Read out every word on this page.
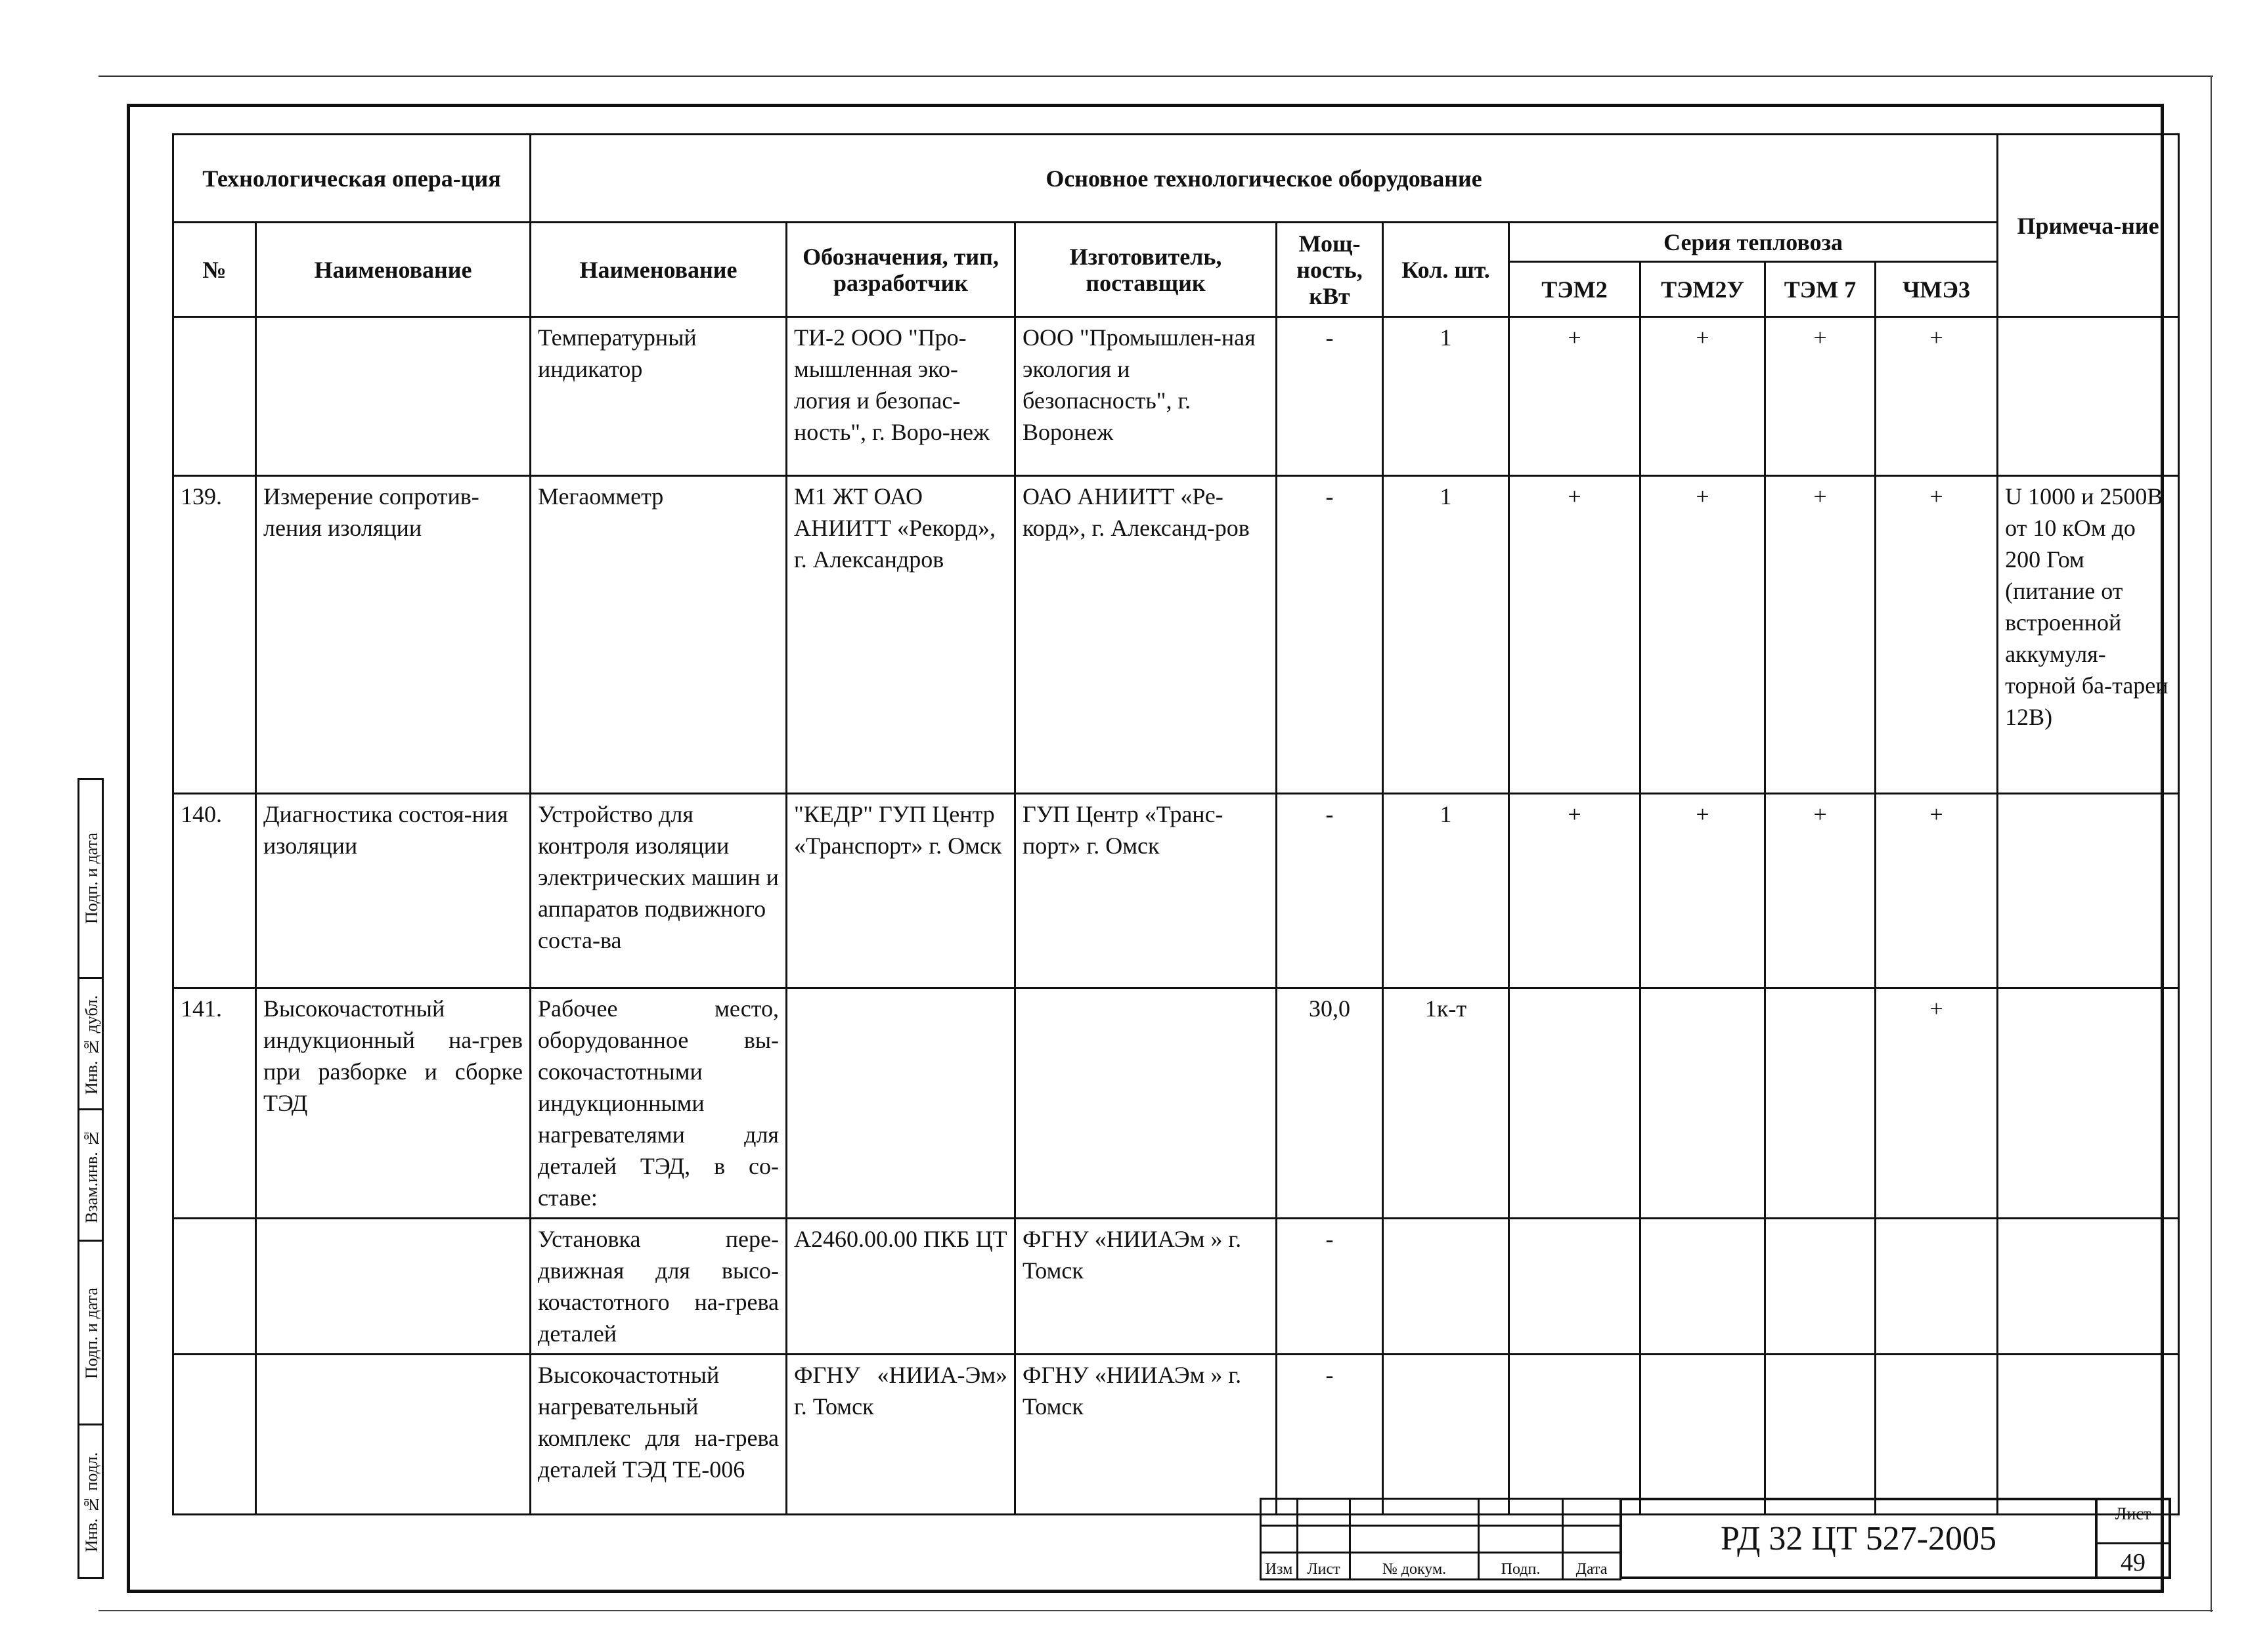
Технологическая опера-ция		Основное технологическое оборудование									Примеча-ние
№	Наименование	Наименование	Обозначения, тип, разработчик	Изготовитель, поставщик	Мощ-ность, кВт	Кол. шт.	Серия тепловоза				
							ТЭМ2	ТЭМ2У	ТЭМ 7	ЧМЭ3	
		Температурный индикатор	ТИ-2 ООО "Про-мышленная эко-логия и безопас-ность", г. Воро-неж	ООО "Промышлен-ная экология и безопасность", г. Воронеж	-	1	+	+	+	+	
139.	Измерение сопротив-ления изоляции	Мегаомметр	М1 ЖТ ОАО АНИИТТ «Рекорд», г. Александров	ОАО АНИИТТ «Ре-корд», г. Александ-ров	-	1	+	+	+	+	U 1000 и 2500В от 10 кОм до 200 Гом (питание от встроенной аккумуля-торной ба-тареи 12В)
140.	Диагностика состоя-ния изоляции	Устройство для контроля изоляции электрических машин и аппаратов подвижного соста-ва	"КЕДР" ГУП Центр «Транспорт» г. Омск	ГУП Центр «Транс-порт» г. Омск	-	1	+	+	+	+	
141.	Высокочастотный индукционный на-грев при разборке и сборке ТЭД	Рабочее место, оборудованное вы-сокочастотными индукционными нагревателями для деталей ТЭД, в со-ставе:			30,0	1к-т				+	
		Установка пере-движная для высо-кочастотного на-грева деталей	А2460.00.00 ПКБ ЦТ	ФГНУ «НИИАЭм » г. Томск	-						
		Высокочастотный нагревательный комплекс для на-грева деталей ТЭД ТЕ-006	ФГНУ «НИИА-Эм» г. Томск	ФГНУ «НИИАЭм » г. Томск	-						
Подп. и дата
Инв. № дубл.
Взам.инв. №
Подп. и дата
Инв. № подл.

Изм	Лист	№ докум.	Подп.	Дата
РД 32 ЦТ 527-2005
Лист
49
